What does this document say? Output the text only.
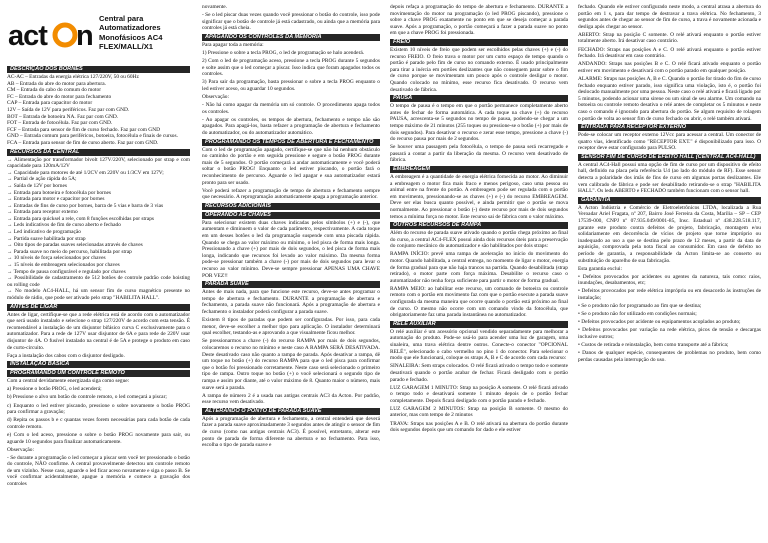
act n
Central para
Automatizadores
Monofásicos AC4
FLEX/MALL/X1
DESCRIÇÃO DOS BORNES
AC-AC – Entradas da energia elétrica 127/220V, 50 ou 60Hz
AB – Entrada do abre do motor para abertura.
CM – Entrada do cabo do comum do motor
FC – Entrada do abre do motor para fechamento
CAP – Entrada para capacitor do motor
12V – Saída de 12V para periféricos. Faz par com GND.
BOT – Entrada de botoeira NA. Faz par com GND.
FOT – Entrada de fotocélula. Faz par com GND.
FCF – Entrada para sensor de fim de curso fechado. Faz par com GND
GND – Entrada comum para periféricos, botoeira, fotocélula e finais de cursos.
FCA – Entrada para sensor de fim de curso aberto. Faz par com GND.
RECURSOS DA CENTRAL
→ Alimentação por transformador bivolt 127V/220V, selecionado por strap e com capacidade para 120mA/12V
→ Capacidade para motores de até 1/2CV em 220V ou 1/3CV em 127V;
→ Partial de ação rápida do 5A;
→ Saída de 12V por bornes
→ Entrada para botoeira e fotocélula por bornes
→ Entrada para motor e capacitor por bornes
→ Entradas de fins de curso por bornes, barra de 5 vias e barra de 3 vias
→ Entrada para receptor externo
→ Entrada para quicksel a rele, com 8 funções escolhidas por straps
→ Leds indicativos de fim de curso aberto e fechado
→ Led indicativo de programação
→ Partida suave habilitada por strap
→ Oito tipos de paradas suaves selecionadas através de chaves
→ Parada suave no meio do percurso, habilitada por strap
→ 10 níveis de força selecionados por chaves
→ 15 níveis de embreagem selecionados por chaves
→ Tempo de pausa configurável e regulado por chaves
→ Possibilidade de cadastramento de 512 botões de controle padrão code hoisting ou rolling code
→ No modelo AC4-HALL, há um sensor fim de curso magnético presente no módulo de rádio, que pode ser ativado pelo strap "HABILITA HALL".
ANTES DE LIGAR

Antes de ligar, certifique-se que a rede elétrica está de acordo com o automatizador que será usado instalado e selecione o strap 127/220V de acordo com esta tensão. É recomendável a instalação de um disjuntor bifásico curva C exclusivamente para o automatizador. Para a rede de 127V usar disjuntor de 6A e para rede de 220V usar disjuntor de 4A. O fusível instalado na central é de 5A e protege o produto em caso de curto-circuito.

Faça a instalação dos cabos com o disjuntor desligado.

INSTALAÇÃO BÁSICA
PROGRAMANDO UM CONTROLE REMOTO

Com a central devidamente energizada siga como segue:

a) Pressione o botão PROG, o led acenderá;

b) Pressione o alvo um botão do controle remoto, o led começará a piscar;

c) Enquanto o led estiver piscando, pressione o sobre novamente o botão PROG para confirmar a gravação;

d) Repita os passos b e c quantas vezes forem necessárias para cada botão de cada controle remoto.

e) Com o led aceso, pressione o sobre o botão PROG novamente para sair, ou aguarde 10 segundos para finalizar automaticamente.

Observação:

- Se durante a programação o led começar a piscar sem você ter pressionado o botão do controle, NÃO confirme. A central provavelmente detectou um controle remoto de um vizinho. Nesse caso, aguarde o led ficar aceso novamente e siga o passo B. Se você confirmar acidentalmente, apague a memória e comece a gravação dos controles

novamente.

- Se o led piscar duas vezes quando você pressionar o botão do controle, isso pode significar que o botão de controle já está cadastrado, ou ainda que a memória para controles já está cheia.

APAGANDO OS CONTROLES DA MEMÓRIA

Para apagar toda a memória:

1) Pressione o sobre a tecla PROG, o led de programação se halo acenderá.

2) Com o led de programação aceso, pressione a tecla PROG durante 5 segundos e solte assim que o led começar a piscar. Isso indica que foram apagados todos os controles.

3) Para sair da programação, basta pressionar o sobre a tecla PROG enquanto o led estiver aceso, ou aguardar 10 segundos.

Observação:

- Não há como apagar da memória um só controle. O procedimento apaga todos os controles.

- Ao apagar os controles, os tempos de abertura, fechamento e tempo não são apagados. Para apagá-los, basta refazer a programação de abertura e fechamento do automatizador, ou do automatizador automático.

PROGRAMANDO OS TEMPOS DE ABERTURA E FECHAMENTO

Com o led de programação apagado, certifique-se que não há nenhum obstáculo no caminho do portão e em seguida pressione e segure o botão PROG durante mais de 5 segundos. O portão começará a andar automaticamente e você poderá soltar o botão PROG! Enquanto o led estiver piscando, o portão fará o reconhecimento de percurso. Aguarde o led apagar e sua automatizador estará pronto para ser usado.

Você poderá refazer a programação de tempo de abertura e fechamento sempre que necessário. A reprogramação automaticamente apaga a programação anterior.

RECURSOS ADICIONAIS
OPERANDO AS CHAVES

Para selecionar existem duas chaves indicadas pelos símbolos (+) e (-), que aumentam e diminuem o valor de cada parâmetro, respectivamente. A cada toque em um desses botões o led da programação suspende com uma piscada rápida. Quando se chega ao valor máximo ou mínimo, o led pisca de forma mais longa. Pressionando a chave (+) por mais de dois segundos, o led pisca de forma mais longa, indicando que recursos foi levado ao valor máximo. Da mesma forma pode-se pressionar também a chave (-) por mais de dois segundos para levar o recurso ao valor mínimo. Deve-se sempre pressionar APENAS UMA CHAVE POR VEZ!!

PARADA SUAVE

Antes de mais nada, para que funcione este recurso, deve-se antes programar o tempo de abertura e fechamento. DURANTE a programação de abertura e fechamento, a parada suave não funcionará. Após a programação de abertura e fechamento o instalador poderá configurar a parada suave.

Existem 8 tipos de paradas que podem ser configuradas. Por isso, para cada menor, deve-se escolher a melhor tipo para aplicação. O instalador determinará qual escolher, testando-as e aprovando a que visualmente ficou melhor.

Se pressionarmos a chave (-) do recurso RAMPA por mais de dois segundos, colocaremos o recurso no mínimo e neste caso A RAMPA SERÁ DESATIVADA. Deste desativado caso não quanto a rampa de parada. Após desativar a rampa, dê um toque no botão (+) do recurso RAMPA para que o led pisca para confirmar que o botão foi pressionado corretamente. Neste caso será selecionado o primeiro tipo de rampa. Outro toque no botão (+) o você selecionará o segundo tipo de rampa e assim por diante, até o valor máximo de 8. Quanto maior o número, mais suave será a parada.

A rampa de número 2 é a usada nas antigas centrais AC3 da Acton. Por padrão, esse recurso vem desativado.

ALTERANDO O PONTO DE PARADA SUAVE

Após a programação de abertura e fechamento, a central entenderá que deverá fazer a parada suave aproximadamente 3 segundos antes de atingir o sensor de fim de curso (como nas antigas centrais AC3). É possível, entretanto, alterar este ponto de parada de forma diferente na abertura e no fechamento. Para isso, escolha o tipo de parada suave e

depois refaça a programação do tempo de abertura e fechamento. DURANTE a movimentação do motor na programação (o led PROG piscando), pressione o sobre a chave PROG exatamente no ponto em que se deseja começar a parada suave. Após a programação, o portão começará a fazer a parada suave no ponto em que a chave PROG foi pressionada.

FREIO

Existem 10 níveis de freio que podem ser escolhidos pelas chaves (+) e (-) do recurso FREIO. O freio trava o motor por um curto espaço de tempo quando o portão é parado pelo fim de curso no comando externo. É usado principalmente para tirar a inércia em portões deslizantes que não conseguem parar sobre o fim de curso porque se movimentam um pouco após o controle desligar o motor. Quando colocado no mínimo, esse recurso fica desativado. O recurso vem desativado de fábrica.

PAUSA

O tempo de pausa é o tempo em que o portão permanece completamente aberto antes de fechar de forma automática. A cada toque na chave (+) do recurso PAUSA, acrescenta-se 5 segundos no tempo de pausa, podendo-se chegar a um tempo máximo de 21 minutos (255 toques ou pressione-se o botão (+) por mais de dois segundos). Para desativar o recurso e zerar esse tempo, pressione a chave (-) do recurso pausa por mais de 2 segundos.

Se houver uma passagem pela fotocélula, o tempo de pausa será recarregado e passará a contar a partir da liberação da mesma. O recurso vem desativado de fábrica.

EMBREAGEM

A embreagem é a quantidade de energia elétrica fornecida ao motor. Ao diminuir a embreagem o motor fica mais fraco e menos perigoso, caso uma pessoa ou animal entre na frente do portão. A embreagem pode ser regulada com o portão em movimento, pressionando-se as chaves (+) e (-) do recurso EMBREAGEM. Deve ser elas busca quanto possível, e ainda permitir que o portão se mova normalmente. Ao pressionar o botão (-) deste recurso por mais de dois segundos temos a mínima força no motor. Este recurso sai de fábrica com o valor máximo.

OUTROS RECURSOS DE RAMPA

Além do recurso de parada suave ativado quando o portão chega próximo ao final do curso, a central AC4-FLEX possui ainda dois recursos úteis para a preservação do conjunto mecânico do automatizador e são habilitados por dois straps:

RAMPA INÍCIO: prevê uma rampa de aceleração no início do movimento do motor. Quando habilitada, a central entrega, no momento de ligar o motor, energia de forma gradual para que não haja trancos na partida. Quando desabilitada (strap retirado), o motor parte com força máxima. Desabilite o recurso caso o automatizador não tenha força suficiente para partir o motor de forma gradual.

RAMPA MEIO: ao habilitar este recurso, um comando de botoeira ou controle remoto com o portão em movimento faz com que o portão execute a parada suave configurada da mesma maneira que ocorre quando o portão está próximo ao final de curso. O mesmo não ocorre com um comando vindo da fotocélula, que obrigatoriamente faz uma parada instantânea no automatizador.

RELÉ AUXILIAR

O relé auxiliar é um acessório opcional vendido separadamente para melhorar a automação do produto. Pode-se usá-lo para acender uma luz de garagem, uma sinaleira, uma trava elétrica dentre outros. Conecte-o conector "OPCIONAL RELÉ", selecionado o cabo vermelho no pino 1 do conector. Para selecionar o modo que ele funcionará, coloque os straps A, B e C de acordo com cada recurso:

SINALEIRA: Sem straps colocados. O relé ficará ativado o tempo todo e somente desativará quando o portão acabar de fechar. Ficará desligado com o portão parado e fechado.

LUZ GARAGEM 1 MINUTO: Strap na posição A somente. O relé ficará ativado o tempo todo e desativará somente 1 minuto depois de o portão fechar completamente. Depois ficará desligado com o portão parado e fechado.

LUZ GARAGEM 2 MINUTOS: Strap na posição B somente. O mesmo do anterior, mas com tempo de 2 minutos

TRAVA: Straps nas posições A e B. O relé ativará na abertura do portão durante dois segundos depois que um comando for dado e ele estiver

fechado. Quando ele estiver configurado neste modo, a central atrasa a abertura do portão em 1 s, para dar tempo de destravar a trava elétrica. No fechamento, 3 segundos antes de chegar ao sensor de fim de curso, a trava é novamente acionada e desliga após chegar ao sensor.

ABERTO: Strap na posição C somente. O relé ativará enquanto o portão estiver totalmente aberto. Irá desativar caso contrário.

FECHADO: Straps nas posições A e C. O relé ativará enquanto o portão estiver fechado. Irá desativar em caso contrário.

ANDANDO: Straps nas posições B e C. O relé ficará ativado enquanto o portão estiver em movimento e desativará com o portão parado em qualquer posição.

ALARME: Straps nas posições A, B e C. Quando o portão for tirado do fim de curso fechado enquanto estiver parado, isso significa uma violação, isto é, o portão foi deslocado manualmente por uma pessoa. Neste caso o relé ativará e ficará ligado por 5 minutos, podendo acionar uma sirene ou um sinal de seu alarme. Um comando na botoeira ou controle remoto desativa o relé antes de completar os 5 minutos e neste caso o comando é ignorado para abertura do portão. Se algum requisito de rolagem o portão de volta ao sensor fim de curso fechado ou abrir, o relé também ativará.

ENTRADA PARA RECEPTOR EXTERNO

Pode-se colocar um receptor externo 12Vcc para acessar a central. Um conector de quatro vias, identificado como "RECEPTOR EXT." é disponibilizado para isso. O receptor deve estar configurado para PULSO.

SENSOR FIM DE CURSO DE EFEITO HALL (CENTRAL AC4-HALL)

A central AC4-Hall possui uma opção de fim de curso por um dispositivo de efeito hall, definido na placa pela referência U4 (ao lado do módulo de RF). Esse sensor detecta a polaridade dos imãs de fins de curso em algumas portas deslizantes. Ele vem calibrado de fábrica e pode ser desabilitado retirando-se o strap "HABILITA HALL". Os leds ABERTO e FECHADO também funcionam com o sensor hall.

GARANTIA

A Acton Indústria e Comércio de Eletroeletrônicos LTDA, localizada a Rua Veroadar Ariel Fragata, nº 207, Bairro José Ferreira da Costa, Marília – SP – CEP 17539-000, CNPJ nº 07.935.049/0001-85, Insc. Estadual nº 438.228.518.117, garante este produto contra defeitos de projeto, fabricação, montagem e/ou solidariamente em decorrência de vícios de projeto que torne impróprio ou inadequado ao uso a que se destina pelo prazo de 12 meses, a partir da data de aquisição, comprovada pela nota fiscal ao consumidor. Em caso de defeito no período de garantia, a responsabilidade da Acton limita-se ao conserto ou substituição do aparelho de sua fabricação.

Esta garantia exclui:

• Defeitos provocados por acidentes ou agentes da natureza, tais como: raios, inundações, desabamentos, etc;

• Defeitos provocados por rede elétrica imprópria ou em desacordo às instruções de instalação;

• Se o produto não for programado ao fim que se destina;

• Se o produto não for utilizado em condições normais;

• Defeitos provocados por acidente ou equipamentos acoplados ao produto;

• Defeitos provocados por variação na rede elétrica, picos de tensão e descargas inclusive outros;

• Custos de retirada e reinstalação, bem como transporte até a fábrica;

• Danos de qualquer espécie, consequentes de problemas no produto, bem como perdas causadas pela interrupção do uso.
